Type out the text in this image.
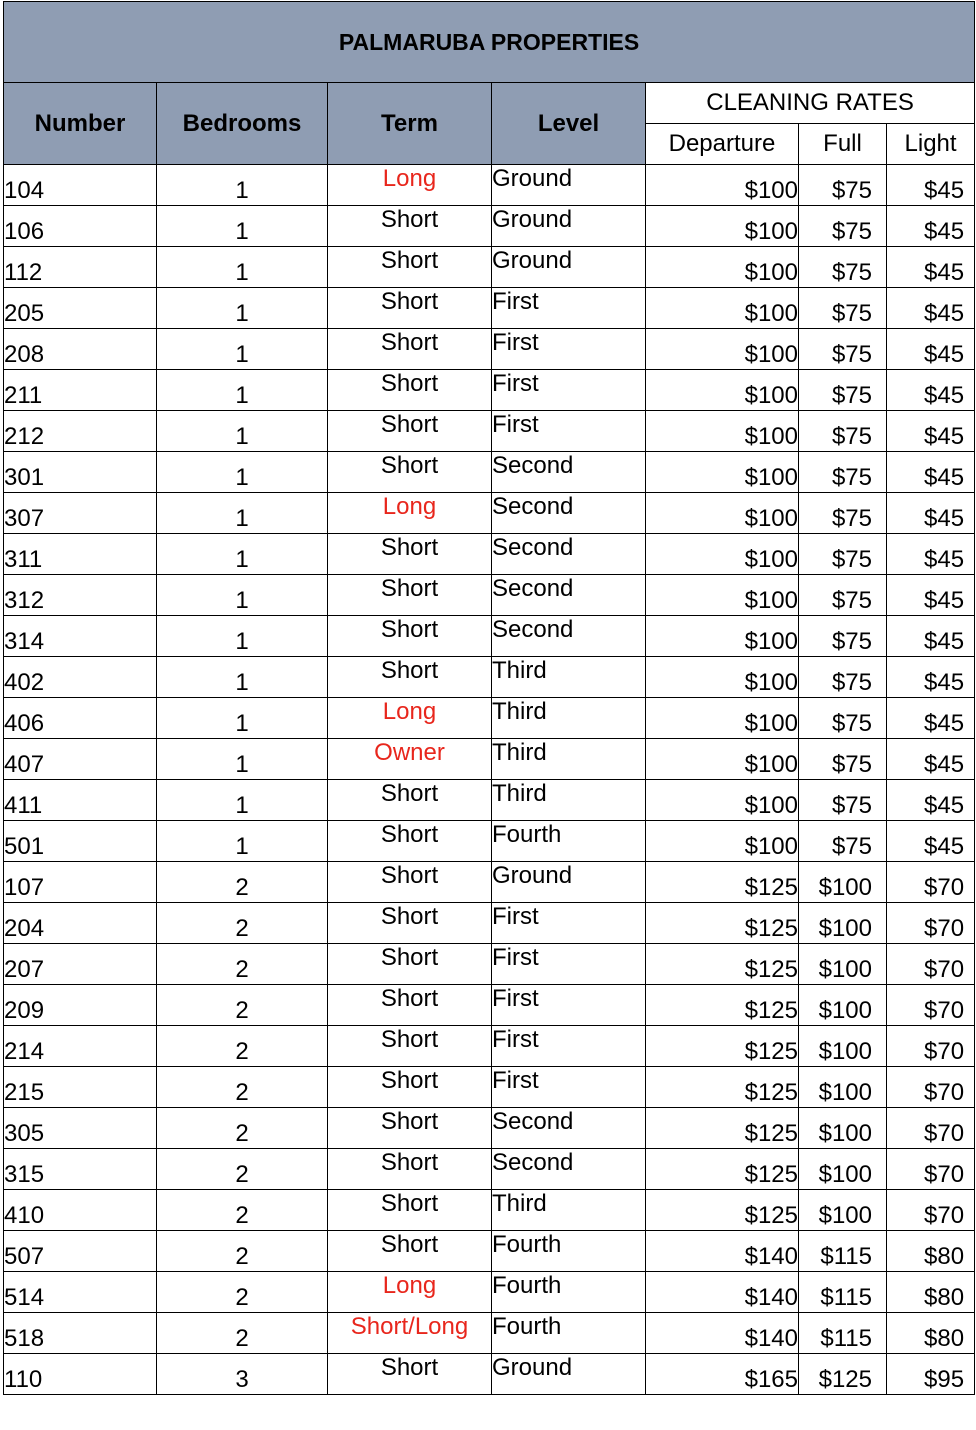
PALMARUBA PROPERTIES						
Number	Bedrooms	Term	Level	CLEANING RATES		
				Departure	Full	Light
104	1	Long	Ground	$100	$75	$45
106	1	Short	Ground	$100	$75	$45
112	1	Short	Ground	$100	$75	$45
205	1	Short	First	$100	$75	$45
208	1	Short	First	$100	$75	$45
211	1	Short	First	$100	$75	$45
212	1	Short	First	$100	$75	$45
301	1	Short	Second	$100	$75	$45
307	1	Long	Second	$100	$75	$45
311	1	Short	Second	$100	$75	$45
312	1	Short	Second	$100	$75	$45
314	1	Short	Second	$100	$75	$45
402	1	Short	Third	$100	$75	$45
406	1	Long	Third	$100	$75	$45
407	1	Owner	Third	$100	$75	$45
411	1	Short	Third	$100	$75	$45
501	1	Short	Fourth	$100	$75	$45
107	2	Short	Ground	$125	$100	$70
204	2	Short	First	$125	$100	$70
207	2	Short	First	$125	$100	$70
209	2	Short	First	$125	$100	$70
214	2	Short	First	$125	$100	$70
215	2	Short	First	$125	$100	$70
305	2	Short	Second	$125	$100	$70
315	2	Short	Second	$125	$100	$70
410	2	Short	Third	$125	$100	$70
507	2	Short	Fourth	$140	$115	$80
514	2	Long	Fourth	$140	$115	$80
518	2	Short/Long	Fourth	$140	$115	$80
110	3	Short	Ground	$165	$125	$95
